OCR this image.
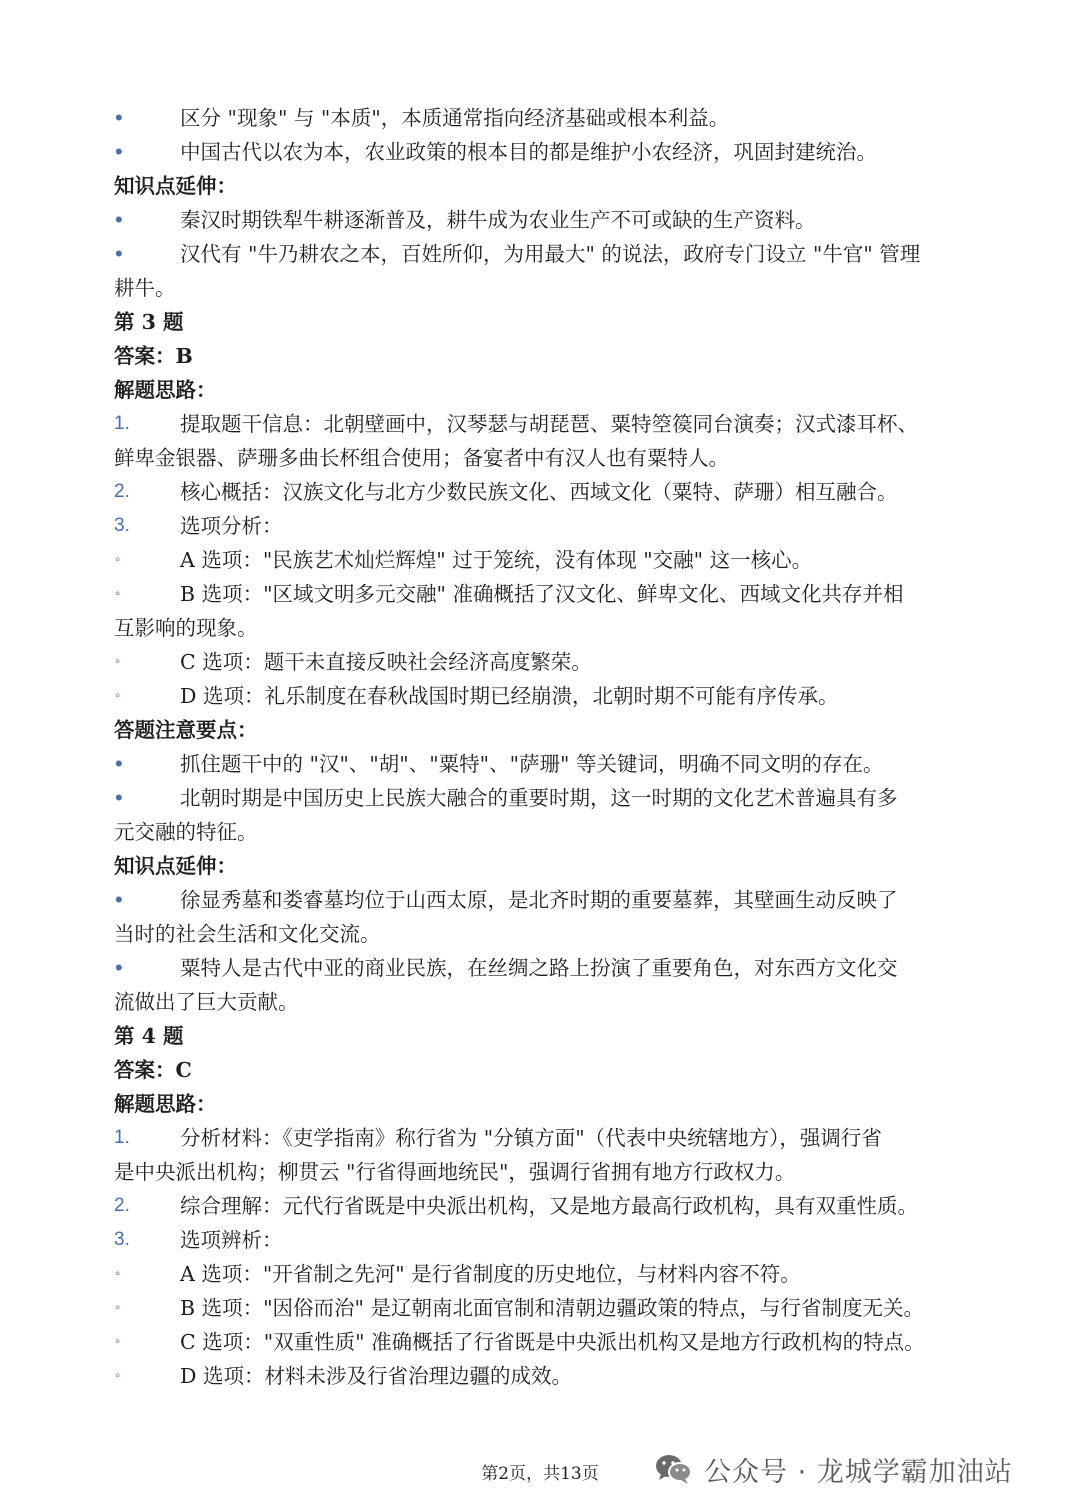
•	区分 "现象" 与 "本质"，本质通常指向经济基础或根本利益。
•	中国古代以农为本，农业政策的根本目的都是维护小农经济，巩固封建统治。
知识点延伸：
•	秦汉时期铁犁牛耕逐渐普及，耕牛成为农业生产不可或缺的生产资料。
•	汉代有 "牛乃耕农之本，百姓所仰，为用最大" 的说法，政府专门设立 "牛官" 管理
耕牛。
第 3 题
答案：B
解题思路：
1. 提取题干信息：北朝壁画中，汉琴瑟与胡琵琶、粟特箜篌同台演奏；汉式漆耳杯、
鲜卑金银器、萨珊多曲长杯组合使用；备宴者中有汉人也有粟特人。
2. 核心概括：汉族文化与北方少数民族文化、西域文化（粟特、萨珊）相互融合。
3. 选项分析：
◦	A 选项："民族艺术灿烂辉煌" 过于笼统，没有体现 "交融" 这一核心。
◦	B 选项："区域文明多元交融" 准确概括了汉文化、鲜卑文化、西域文化共存并相
互影响的现象。
◦	C 选项：题干未直接反映社会经济高度繁荣。
◦	D 选项：礼乐制度在春秋战国时期已经崩溃，北朝时期不可能有序传承。
答题注意要点：
•	抓住题干中的 "汉"、"胡"、"粟特"、"萨珊" 等关键词，明确不同文明的存在。
•	北朝时期是中国历史上民族大融合的重要时期，这一时期的文化艺术普遍具有多
元交融的特征。
知识点延伸：
•	徐显秀墓和娄睿墓均位于山西太原，是北齐时期的重要墓葬，其壁画生动反映了
当时的社会生活和文化交流。
•	粟特人是古代中亚的商业民族，在丝绸之路上扮演了重要角色，对东西方文化交
流做出了巨大贡献。
第 4 题
答案：C
解题思路：
1. 分析材料：《吏学指南》称行省为 "分镇方面"（代表中央统辖地方），强调行省
是中央派出机构；柳贯云 "行省得画地统民"，强调行省拥有地方行政权力。
2. 综合理解：元代行省既是中央派出机构，又是地方最高行政机构，具有双重性质。
3. 选项辨析：
◦	A 选项："开省制之先河" 是行省制度的历史地位，与材料内容不符。
◦	B 选项："因俗而治" 是辽朝南北面官制和清朝边疆政策的特点，与行省制度无关。
◦	C 选项："双重性质" 准确概括了行省既是中央派出机构又是地方行政机构的特点。
◦	D 选项：材料未涉及行省治理边疆的成效。
第2页，共13页	公众号 · 龙城学霸加油站
